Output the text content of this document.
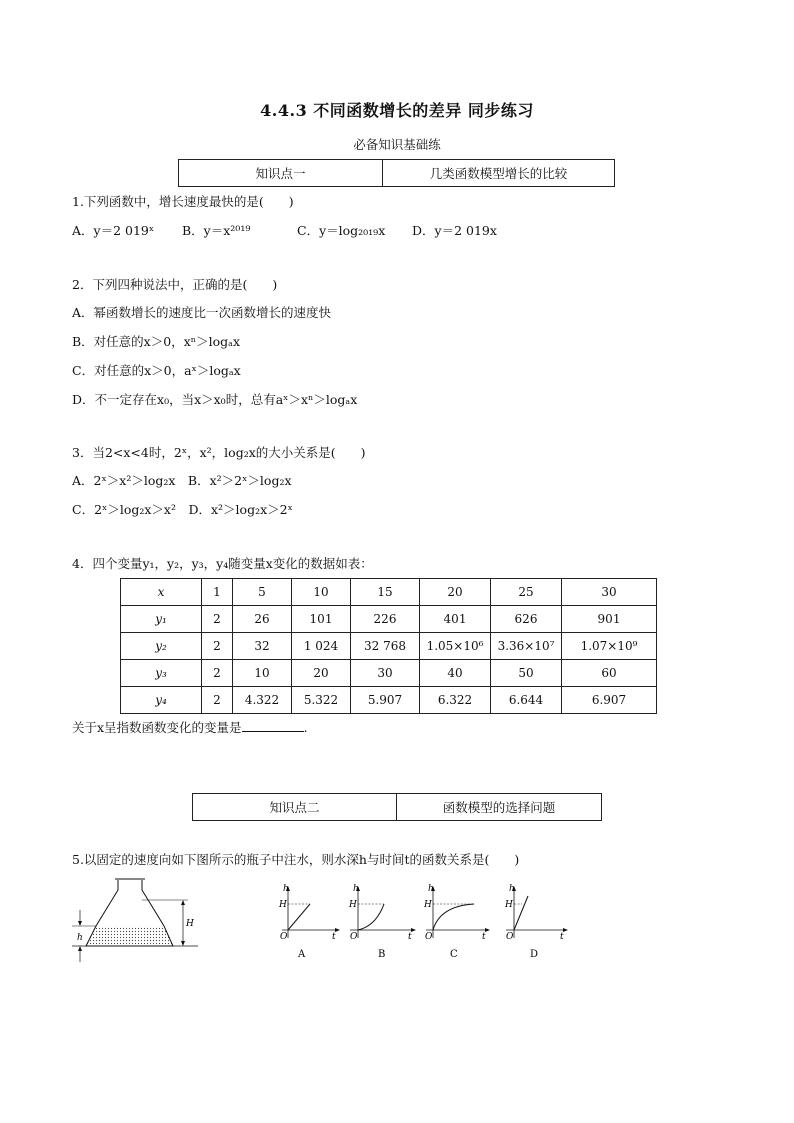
4.4.3 不同函数增长的差异 同步练习
必备知识基础练
知识点一	几类函数模型增长的比较
1.下列函数中，增长速度最快的是(　　)
A．y＝2 019ˣ B．y＝x²⁰¹⁹	C．y＝log₂₀₁₉x D．y＝2 019x
2．下列四种说法中，正确的是(　　)
A．幂函数增长的速度比一次函数增长的速度快
B．对任意的x＞0，xⁿ＞logₐx
C．对任意的x＞0，aˣ＞logₐx
D．不一定存在x₀，当x＞x₀时，总有aˣ＞xⁿ＞logₐx
3．当2<x<4时，2ˣ，x²，log₂x的大小关系是(　　)
A．2ˣ＞x²＞log₂x　B．x²＞2ˣ＞log₂x
C．2ˣ＞log₂x＞x²　D．x²＞log₂x＞2ˣ
4．四个变量y₁，y₂，y₃，y₄随变量x变化的数据如表：
x	1	5	10	15	20	25	30
y₁	2	26	101	226	401	626	901
y₂	2	32	1 024	32 768	1.05×10⁶	3.36×10⁷	1.07×10⁹
y₃	2	10	20	30	40	50	60
y₄	2	4.322	5.322	5.907	6.322	6.644	6.907
关于x呈指数函数变化的变量是	.
知识点二	函数模型的选择问题
5.以固定的速度向如下图所示的瓶子中注水，则水深h与时间t的函数关系是(　　)
h
H
h
H
O	t
A
h
H
O	t
B
h
H
O	t
C
h
H
O	t
D
